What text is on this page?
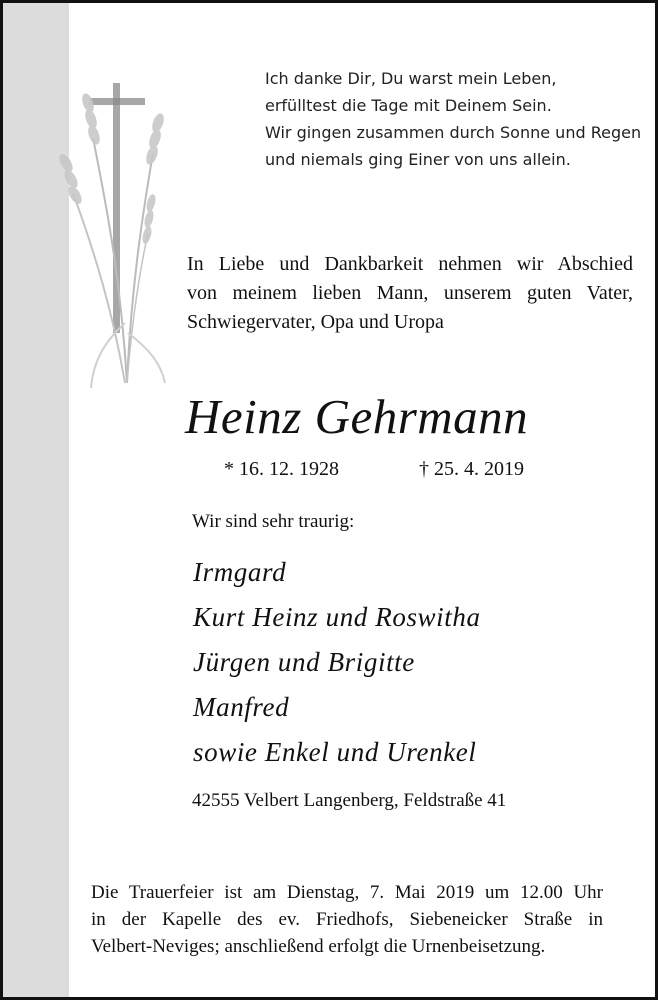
Ich danke Dir, Du warst mein Leben,
erfülltest die Tage mit Deinem Sein.
Wir gingen zusammen durch Sonne und Regen
und niemals ging Einer von uns allein.
In Liebe und Dankbarkeit nehmen wir Abschied
von meinem lieben Mann, unserem guten Vater,
Schwiegervater, Opa und Uropa
Heinz Gehrmann
* 16. 12. 1928	† 25. 4. 2019
Wir sind sehr traurig:
Irmgard
Kurt Heinz und Roswitha
Jürgen und Brigitte
Manfred
sowie Enkel und Urenkel
42555 Velbert Langenberg, Feldstraße 41
Die Trauerfeier ist am Dienstag, 7. Mai 2019 um 12.00 Uhr
in der Kapelle des ev. Friedhofs, Siebeneicker Straße in
Velbert-Neviges; anschließend erfolgt die Urnenbeisetzung.
